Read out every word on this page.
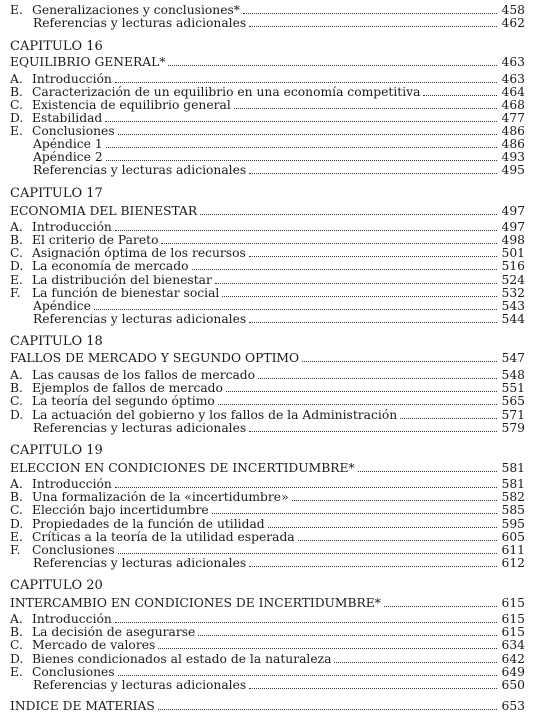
E. Generalizaciones y conclusiones*	458
Referencias y lecturas adicionales	462
CAPITULO 16
EQUILIBRIO GENERAL*	463
A. Introducción	463
B. Caracterización de un equilibrio en una economía competitiva	464
C. Existencia de equilibrio general	468
D. Estabilidad	477
E. Conclusiones	486
Apéndice 1	486
Apéndice 2	493
Referencias y lecturas adicionales	495
CAPITULO 17
ECONOMIA DEL BIENESTAR	497
A. Introducción	497
B. El criterio de Pareto	498
C. Asignación óptima de los recursos	501
D. La economía de mercado	516
E. La distribución del bienestar	524
F. La función de bienestar social	532
Apéndice	543
Referencias y lecturas adicionales	544
CAPITULO 18
FALLOS DE MERCADO Y SEGUNDO OPTIMO	547
A. Las causas de los fallos de mercado	548
B. Ejemplos de fallos de mercado	551
C. La teoría del segundo óptimo	565
D. La actuación del gobierno y los fallos de la Administración	571
Referencias y lecturas adicionales	579
CAPITULO 19
ELECCION EN CONDICIONES DE INCERTIDUMBRE*	581
A. Introducción	581
B. Una formalización de la «incertidumbre»	582
C. Elección bajo incertidumbre	585
D. Propiedades de la función de utilidad	595
E. Críticas a la teoría de la utilidad esperada	605
F. Conclusiones	611
Referencias y lecturas adicionales	612
CAPITULO 20
INTERCAMBIO EN CONDICIONES DE INCERTIDUMBRE*	615
A. Introducción	615
B. La decisión de asegurarse	615
C. Mercado de valores	634
D. Bienes condicionados al estado de la naturaleza	642
E. Conclusiones	649
Referencias y lecturas adicionales	650
INDICE DE MATERIAS	653
